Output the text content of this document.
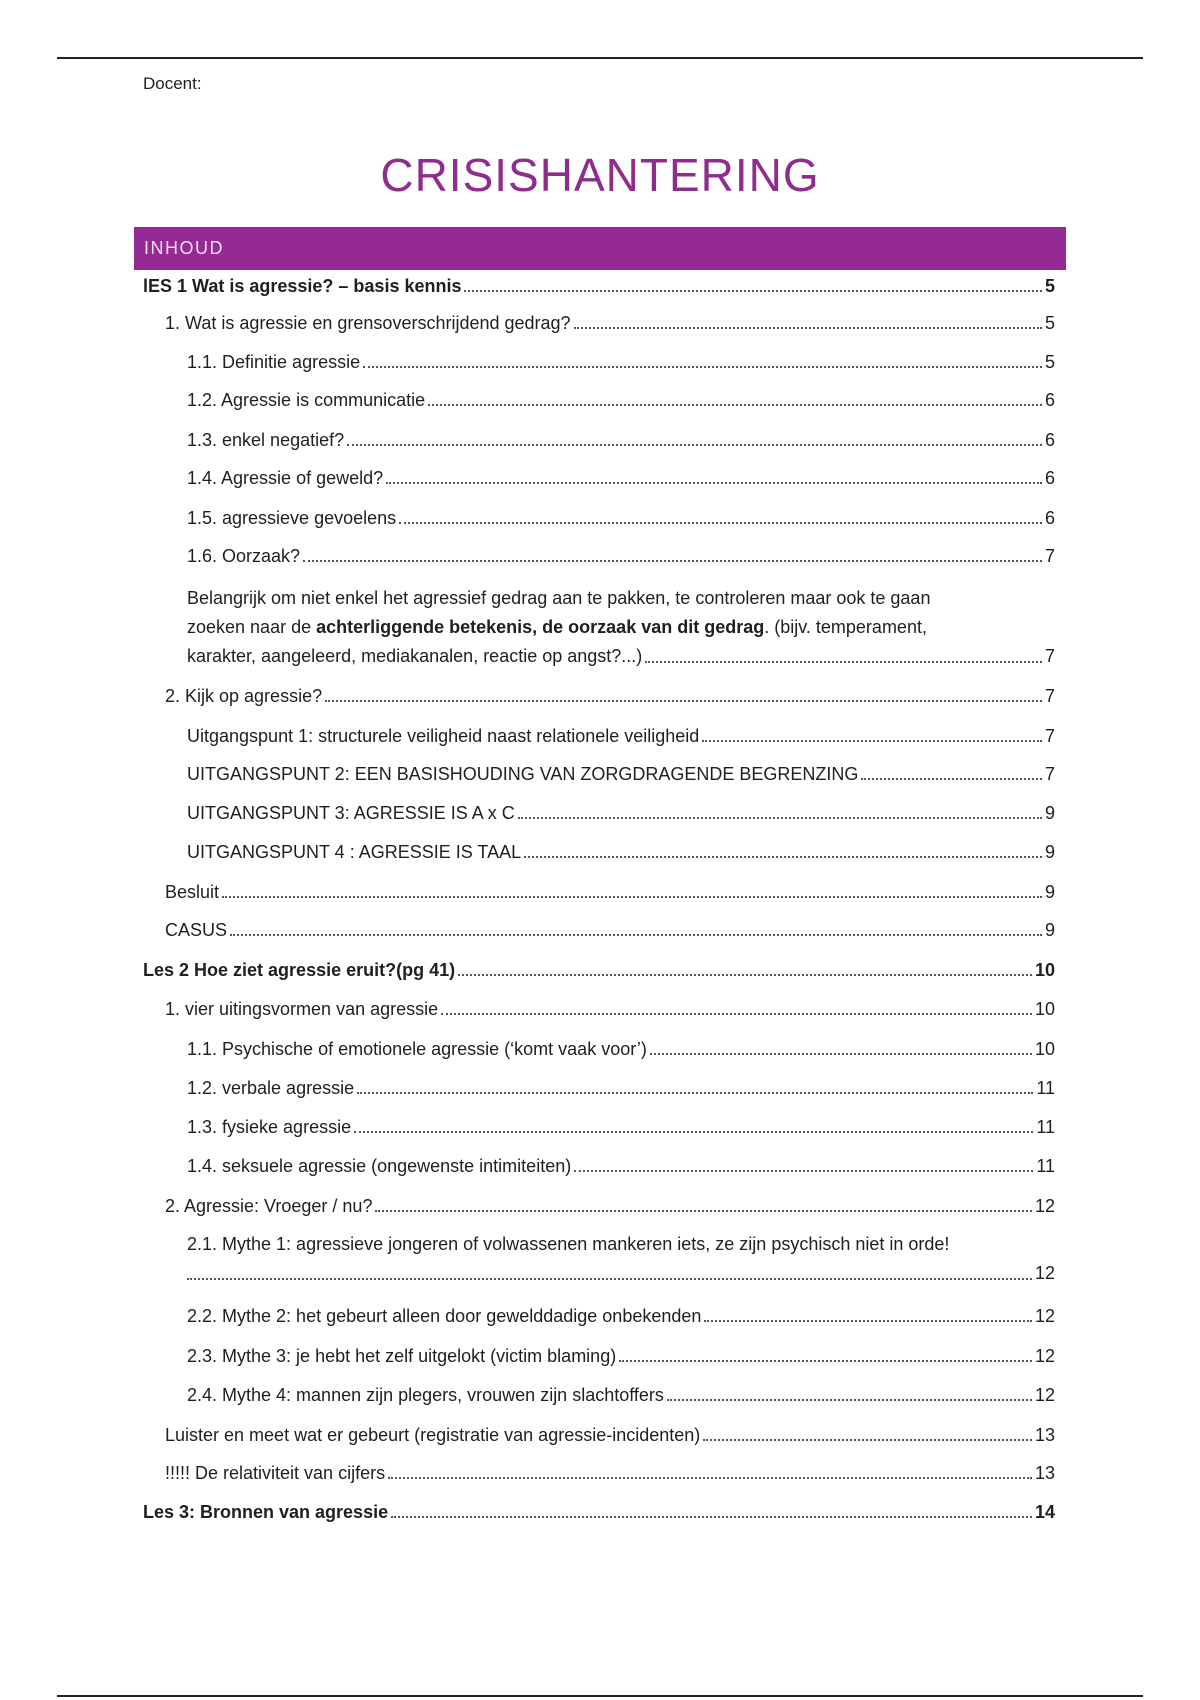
Docent:
CRISISHANTERING
INHOUD
lES 1 Wat is agressie? – basis kennis	5
1. Wat is agressie en grensoverschrijdend gedrag?	5
1.1. Definitie agressie	5
1.2. Agressie is communicatie	6
1.3. enkel negatief?	6
1.4. Agressie of geweld?	6
1.5. agressieve gevoelens	6
1.6. Oorzaak?	7
Belangrijk om niet enkel het agressief gedrag aan te pakken, te controleren maar ook te gaan
zoeken naar de achterliggende betekenis, de oorzaak van dit gedrag. (bijv. temperament,
karakter, aangeleerd, mediakanalen, reactie op angst?...)	7
2. Kijk op agressie?	7
Uitgangspunt 1: structurele veiligheid naast relationele veiligheid	7
UITGANGSPUNT 2: EEN BASISHOUDING VAN ZORGDRAGENDE BEGRENZING	7
UITGANGSPUNT 3: AGRESSIE IS A x C	9
UITGANGSPUNT 4 : AGRESSIE IS TAAL	9
Besluit	9
CASUS	9
Les 2 Hoe ziet agressie eruit?(pg 41)	10
1. vier uitingsvormen van agressie	10
1.1. Psychische of emotionele agressie (‘komt vaak voor’)	10
1.2. verbale agressie	11
1.3. fysieke agressie	11
1.4. seksuele agressie (ongewenste intimiteiten)	11
2. Agressie: Vroeger / nu?	12
2.1. Mythe 1: agressieve jongeren of volwassenen mankeren iets, ze zijn psychisch niet in orde!
12
2.2. Mythe 2: het gebeurt alleen door gewelddadige onbekenden	12
2.3. Mythe 3: je hebt het zelf uitgelokt (victim blaming)	12
2.4. Mythe 4: mannen zijn plegers, vrouwen zijn slachtoffers	12
Luister en meet wat er gebeurt (registratie van agressie-incidenten)	13
!!!!! De relativiteit van cijfers	13
Les 3: Bronnen van agressie	14
